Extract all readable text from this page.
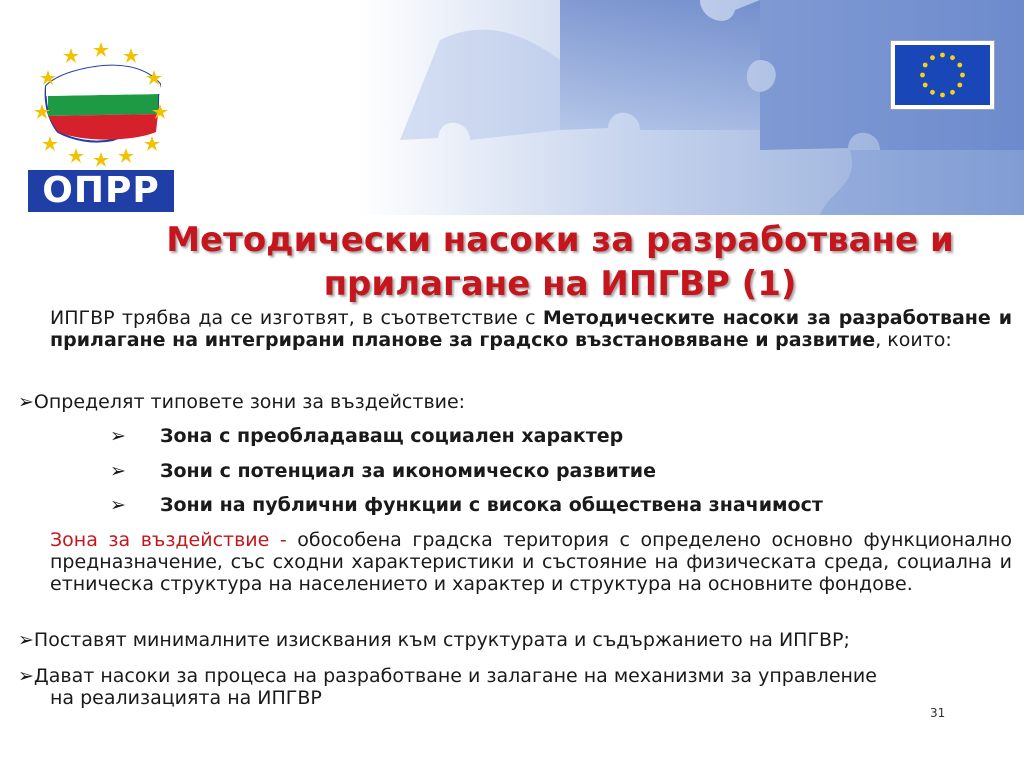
ОПРР
Методически насоки за разработване и
прилагане на ИПГВР (1)
ИПГВР трябва да се изготвят, в съответствие с Методическите насоки за разработване и прилагане на интегрирани планове за градско възстановяване и развитие, които:
➢Определят типовете зони за въздействие:
➢ Зона с преобладаващ социален характер
➢ Зони с потенциал за икономическо развитие
➢ Зони на публични функции с висока обществена значимост
Зона за въздействие - обособена градска територия с определено основно функционално предназначение, със сходни характеристики и състояние на физическата среда, социална и етническа структура на населението и характер и структура на основните фондове.
➢Поставят минималните изисквания към структурата и съдържанието на ИПГВР;
➢Дават насоки за процеса на разработване и залагане на механизми за управление
на реализацията на ИПГВР
31
